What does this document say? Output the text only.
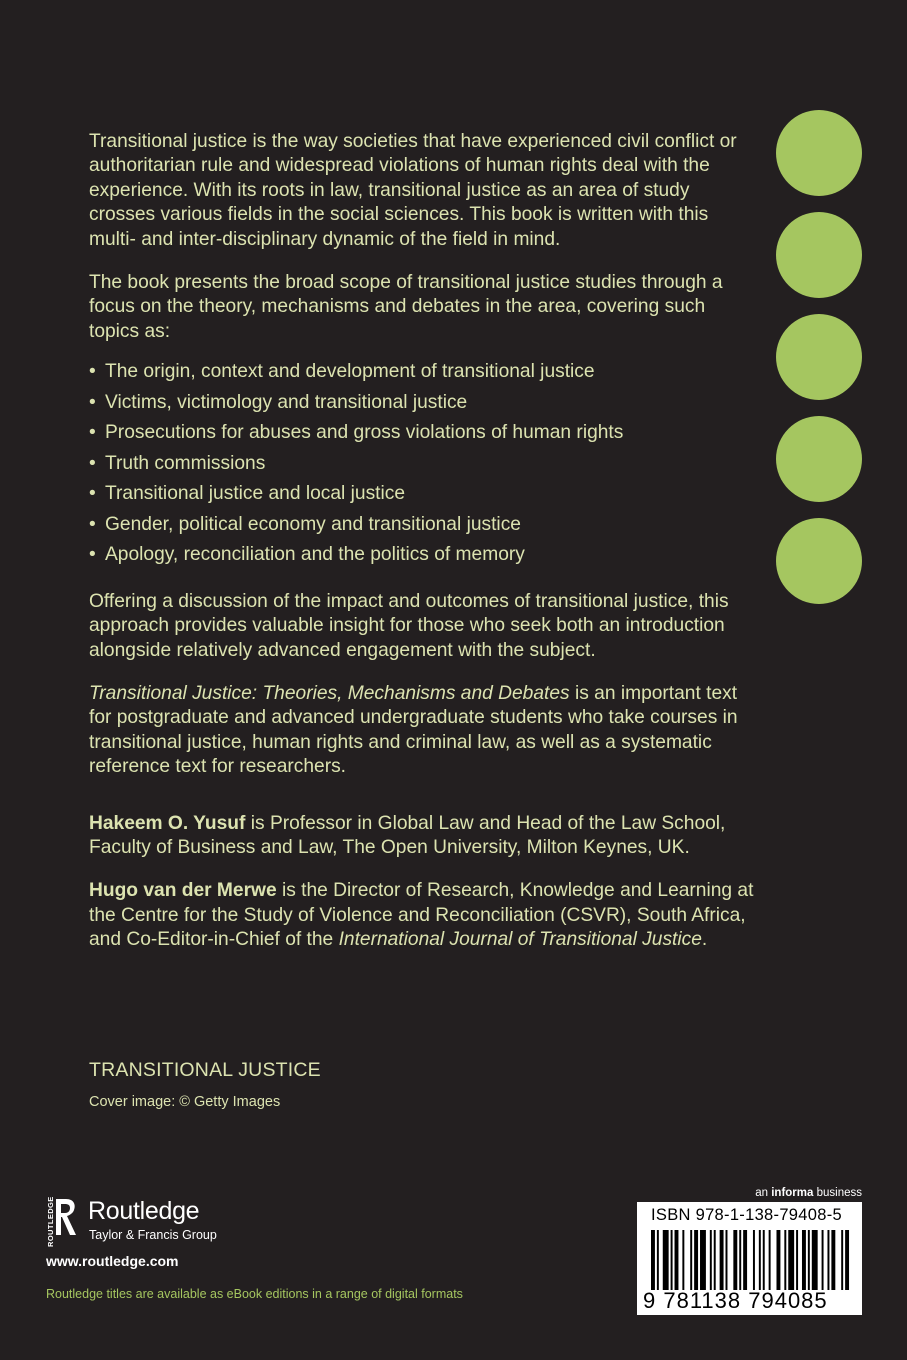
Transitional justice is the way societies that have experienced civil conflict or authoritarian rule and widespread violations of human rights deal with the experience. With its roots in law, transitional justice as an area of study crosses various fields in the social sciences. This book is written with this multi- and inter-disciplinary dynamic of the field in mind.

The book presents the broad scope of transitional justice studies through a focus on the theory, mechanisms and debates in the area, covering such topics as:

• The origin, context and development of transitional justice
• Victims, victimology and transitional justice
• Prosecutions for abuses and gross violations of human rights
• Truth commissions
• Transitional justice and local justice
• Gender, political economy and transitional justice
• Apology, reconciliation and the politics of memory

Offering a discussion of the impact and outcomes of transitional justice, this approach provides valuable insight for those who seek both an introduction alongside relatively advanced engagement with the subject.

Transitional Justice: Theories, Mechanisms and Debates is an important text for postgraduate and advanced undergraduate students who take courses in transitional justice, human rights and criminal law, as well as a systematic reference text for researchers.

Hakeem O. Yusuf is Professor in Global Law and Head of the Law School, Faculty of Business and Law, The Open University, Milton Keynes, UK.

Hugo van der Merwe is the Director of Research, Knowledge and Learning at the Centre for the Study of Violence and Reconciliation (CSVR), South Africa, and Co-Editor-in-Chief of the International Journal of Transitional Justice.

TRANSITIONAL JUSTICE
Cover image: © Getty Images
ROUTLEDGE Routledge
Taylor & Francis Group
www.routledge.com
Routledge titles are available as eBook editions in a range of digital formats
an informa business
ISBN 978-1-138-79408-5
9 781138 794085
